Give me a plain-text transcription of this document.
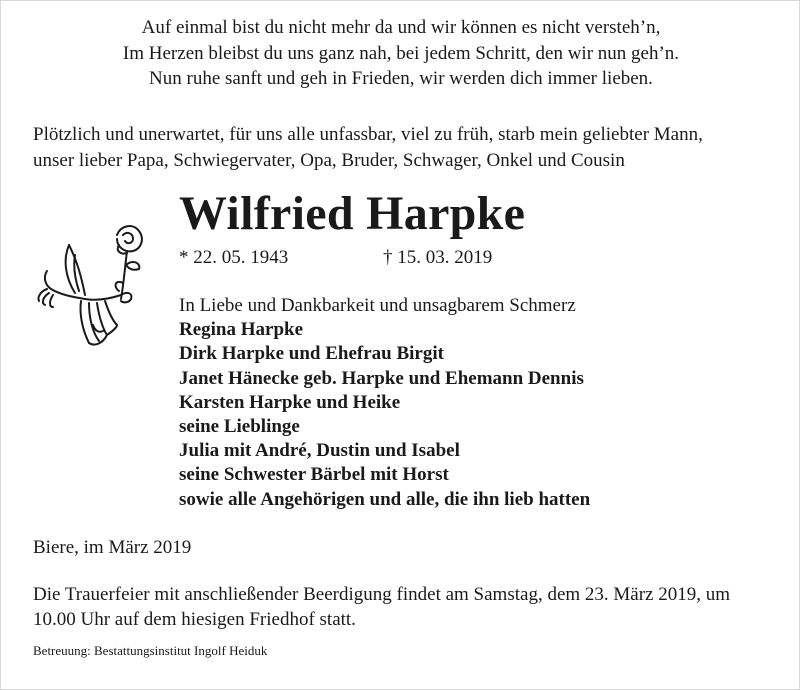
Auf einmal bist du nicht mehr da und wir können es nicht versteh’n,
Im Herzen bleibst du uns ganz nah, bei jedem Schritt, den wir nun geh’n.
Nun ruhe sanft und geh in Frieden, wir werden dich immer lieben.
Plötzlich und unerwartet, für uns alle unfassbar, viel zu früh, starb mein geliebter Mann,
unser lieber Papa, Schwiegervater, Opa, Bruder, Schwager, Onkel und Cousin
Wilfried Harpke
* 22. 05. 1943	† 15. 03. 2019
In Liebe und Dankbarkeit und unsagbarem Schmerz
Regina Harpke
Dirk Harpke und Ehefrau Birgit
Janet Hänecke geb. Harpke und Ehemann Dennis
Karsten Harpke und Heike
seine Lieblinge
Julia mit André, Dustin und Isabel
seine Schwester Bärbel mit Horst
sowie alle Angehörigen und alle, die ihn lieb hatten
Biere, im März 2019
Die Trauerfeier mit anschließender Beerdigung findet am Samstag, dem 23. März 2019, um
10.00 Uhr auf dem hiesigen Friedhof statt.
Betreuung: Bestattungsinstitut Ingolf Heiduk
